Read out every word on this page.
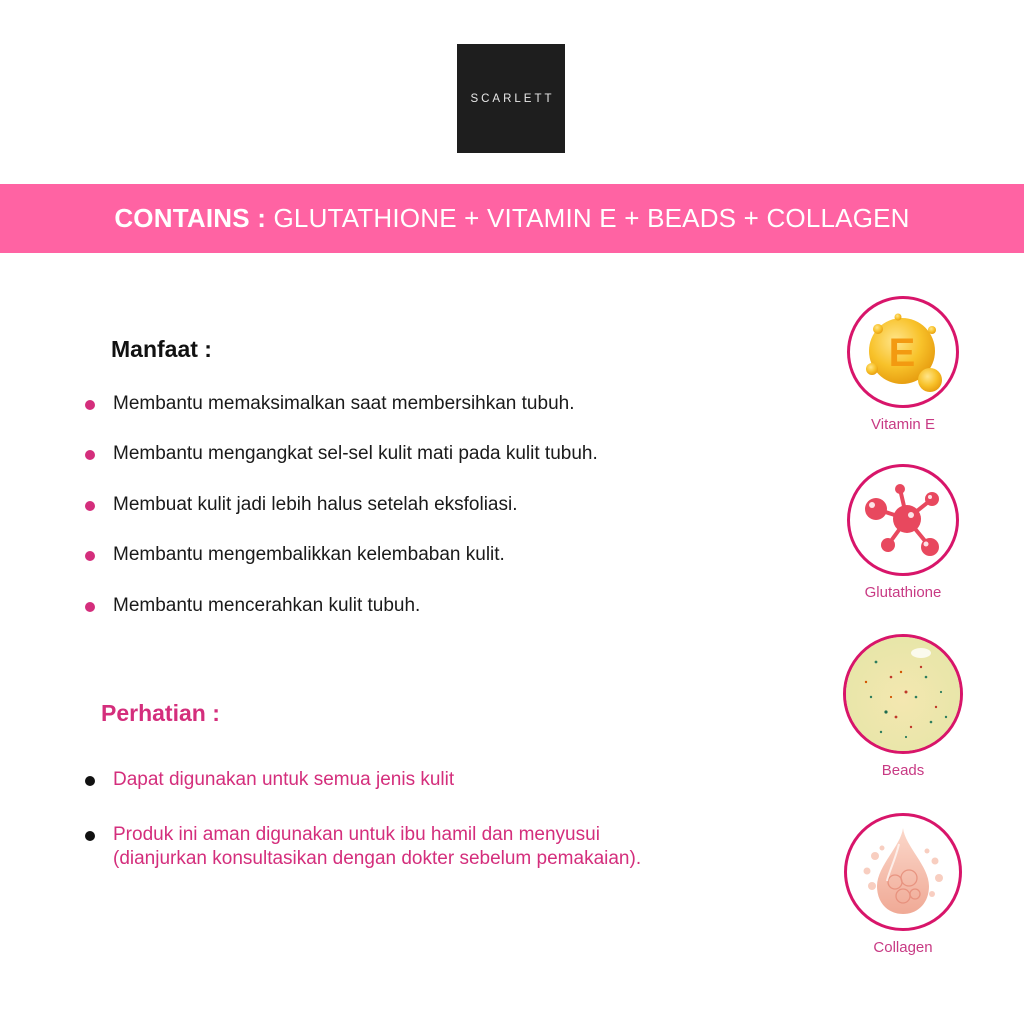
SCARLETT
CONTAINS : GLUTATHIONE + VITAMIN E + BEADS + COLLAGEN
Manfaat :
Membantu memaksimalkan saat membersihkan tubuh.
Membantu mengangkat sel-sel kulit mati pada kulit tubuh.
Membuat kulit jadi lebih halus setelah eksfoliasi.
Membantu mengembalikkan kelembaban kulit.
Membantu mencerahkan kulit tubuh.
Perhatian :
Dapat digunakan untuk semua jenis kulit
Produk ini aman digunakan untuk ibu hamil dan menyusui
(dianjurkan konsultasikan dengan dokter sebelum pemakaian).
E
Vitamin E
Glutathione
Beads
Collagen
